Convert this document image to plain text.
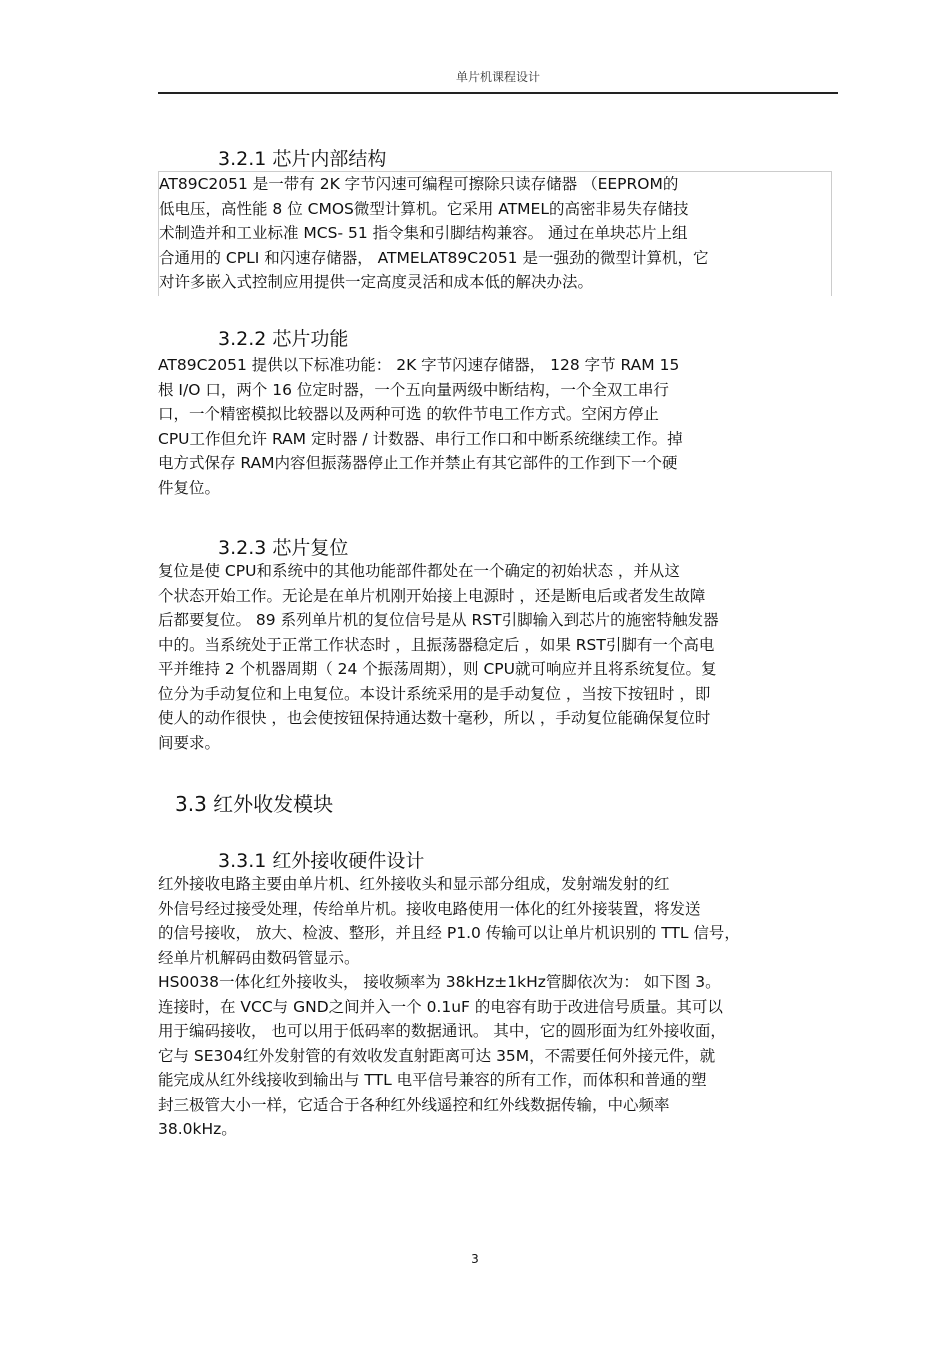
单片机课程设计
3.2.1 芯片内部结构
AT89C2051 是一带有 2K 字节闪速可编程可擦除只读存储器 （EEPROM的
低电压，高性能 8 位 CMOS微型计算机。它采用 ATMEL的高密非易失存储技
术制造并和工业标准 MCS- 51 指令集和引脚结构兼容。 通过在单块芯片上组
合通用的 CPLI 和闪速存储器， ATMELAT89C2051 是一强劲的微型计算机，它
对许多嵌入式控制应用提供一定高度灵活和成本低的解决办法。
3.2.2 芯片功能
AT89C2051 提供以下标准功能： 2K 字节闪速存储器， 128 字节 RAM 15
根 I/O 口，两个 16 位定时器，一个五向量两级中断结构，一个全双工串行
口，一个精密模拟比较器以及两种可选 的软件节电工作方式。空闲方停止
CPU工作但允许 RAM 定时器 / 计数器、串行工作口和中断系统继续工作。掉
电方式保存 RAM内容但振荡器停止工作并禁止有其它部件的工作到下一个硬
件复位。
3.2.3 芯片复位
复位是使 CPU和系统中的其他功能部件都处在一个确定的初始状态 ，并从这
个状态开始工作。无论是在单片机刚开始接上电源时 ，还是断电后或者发生故障
后都要复位。 89 系列单片机的复位信号是从 RST引脚输入到芯片的施密特触发器
中的。当系统处于正常工作状态时 ，且振荡器稳定后 ，如果 RST引脚有一个高电
平并维持 2 个机器周期（ 24 个振荡周期），则 CPU就可响应并且将系统复位。复
位分为手动复位和上电复位。本设计系统采用的是手动复位 ，当按下按钮时 ，即
使人的动作很快 ，也会使按钮保持通达数十毫秒，所以 ，手动复位能确保复位时
间要求。
3.3 红外收发模块
3.3.1 红外接收硬件设计
红外接收电路主要由单片机、红外接收头和显示部分组成，发射端发射的红
外信号经过接受处理，传给单片机。接收电路使用一体化的红外接装置，将发送
的信号接收， 放大、检波、整形，并且经 P1.0 传输可以让单片机识别的 TTL 信号，
经单片机解码由数码管显示。
HS0038一体化红外接收头， 接收频率为 38kHz±1kHz管脚依次为： 如下图 3。
连接时，在 VCC与 GND之间并入一个 0.1uF 的电容有助于改进信号质量。其可以
用于编码接收， 也可以用于低码率的数据通讯。 其中，它的圆形面为红外接收面，
它与 SE304红外发射管的有效收发直射距离可达 35M，不需要任何外接元件，就
能完成从红外线接收到输出与 TTL 电平信号兼容的所有工作，而体积和普通的塑
封三极管大小一样，它适合于各种红外线遥控和红外线数据传输，中心频率
38.0kHz。
3
